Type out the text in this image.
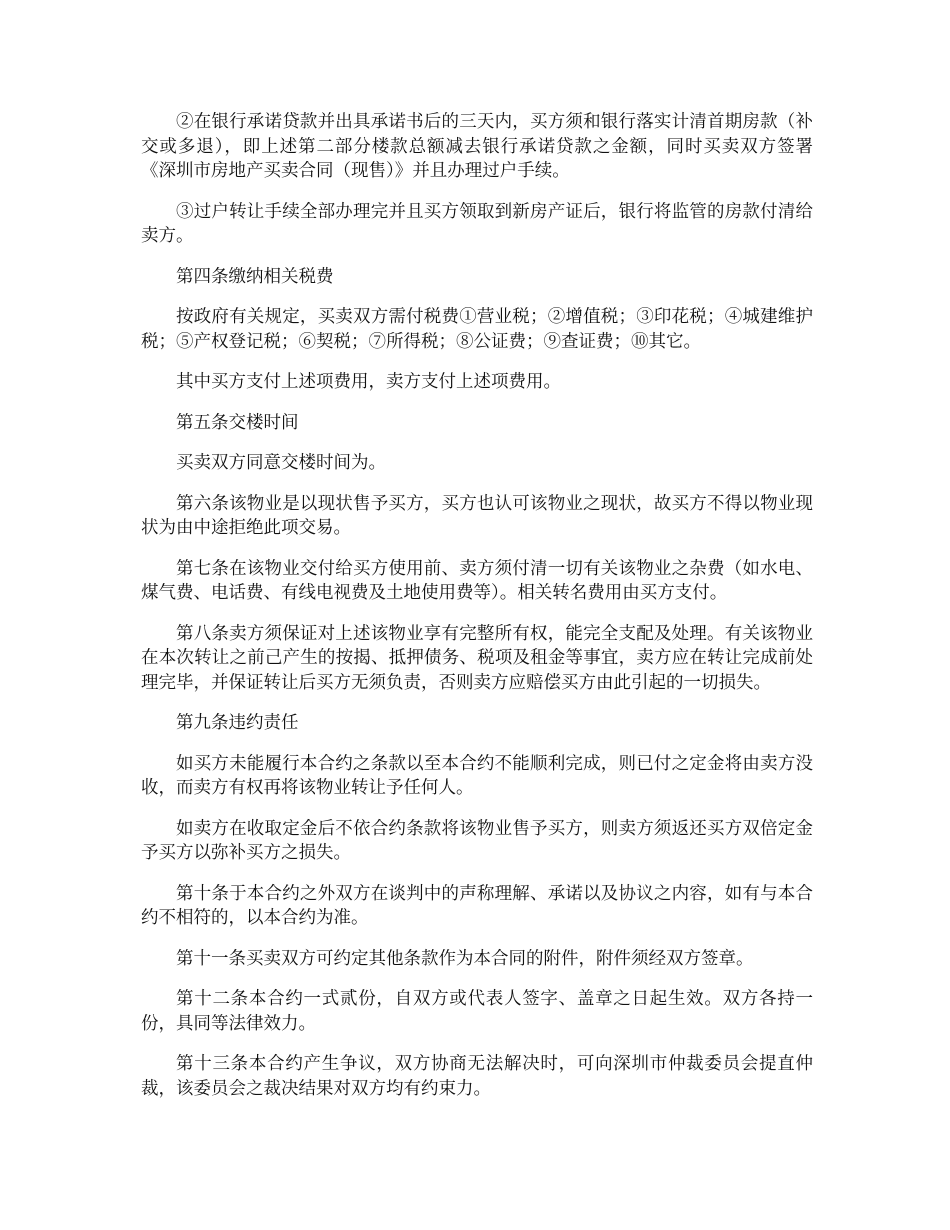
②在银行承诺贷款并出具承诺书后的三天内，买方须和银行落实计清首期房款（补交或多退），即上述第二部分楼款总额减去银行承诺贷款之金额，同时买卖双方签署《深圳市房地产买卖合同（现售）》并且办理过户手续。

③过户转让手续全部办理完并且买方领取到新房产证后，银行将监管的房款付清给卖方。

第四条缴纳相关税费

按政府有关规定，买卖双方需付税费①营业税；②增值税；③印花税；④城建维护税；⑤产权登记税；⑥契税；⑦所得税；⑧公证费；⑨查证费；⑩其它。

其中买方支付上述项费用，卖方支付上述项费用。

第五条交楼时间

买卖双方同意交楼时间为。

第六条该物业是以现状售予买方，买方也认可该物业之现状，故买方不得以物业现状为由中途拒绝此项交易。

第七条在该物业交付给买方使用前、卖方须付清一切有关该物业之杂费（如水电、煤气费、电话费、有线电视费及土地使用费等）。相关转名费用由买方支付。

第八条卖方须保证对上述该物业享有完整所有权，能完全支配及处理。有关该物业在本次转让之前己产生的按揭、抵押债务、税项及租金等事宜，卖方应在转让完成前处理完毕，并保证转让后买方无须负责，否则卖方应赔偿买方由此引起的一切损失。

第九条违约责任

如买方未能履行本合约之条款以至本合约不能顺利完成，则已付之定金将由卖方没收，而卖方有权再将该物业转让予任何人。

如卖方在收取定金后不依合约条款将该物业售予买方，则卖方须返还买方双倍定金予买方以弥补买方之损失。

第十条于本合约之外双方在谈判中的声称理解、承诺以及协议之内容，如有与本合约不相符的，以本合约为准。

第十一条买卖双方可约定其他条款作为本合同的附件，附件须经双方签章。

第十二条本合约一式贰份，自双方或代表人签字、盖章之日起生效。双方各持一份，具同等法律效力。

第十三条本合约产生争议，双方协商无法解决时，可向深圳市仲裁委员会提直仲裁，该委员会之裁决结果对双方均有约束力。
